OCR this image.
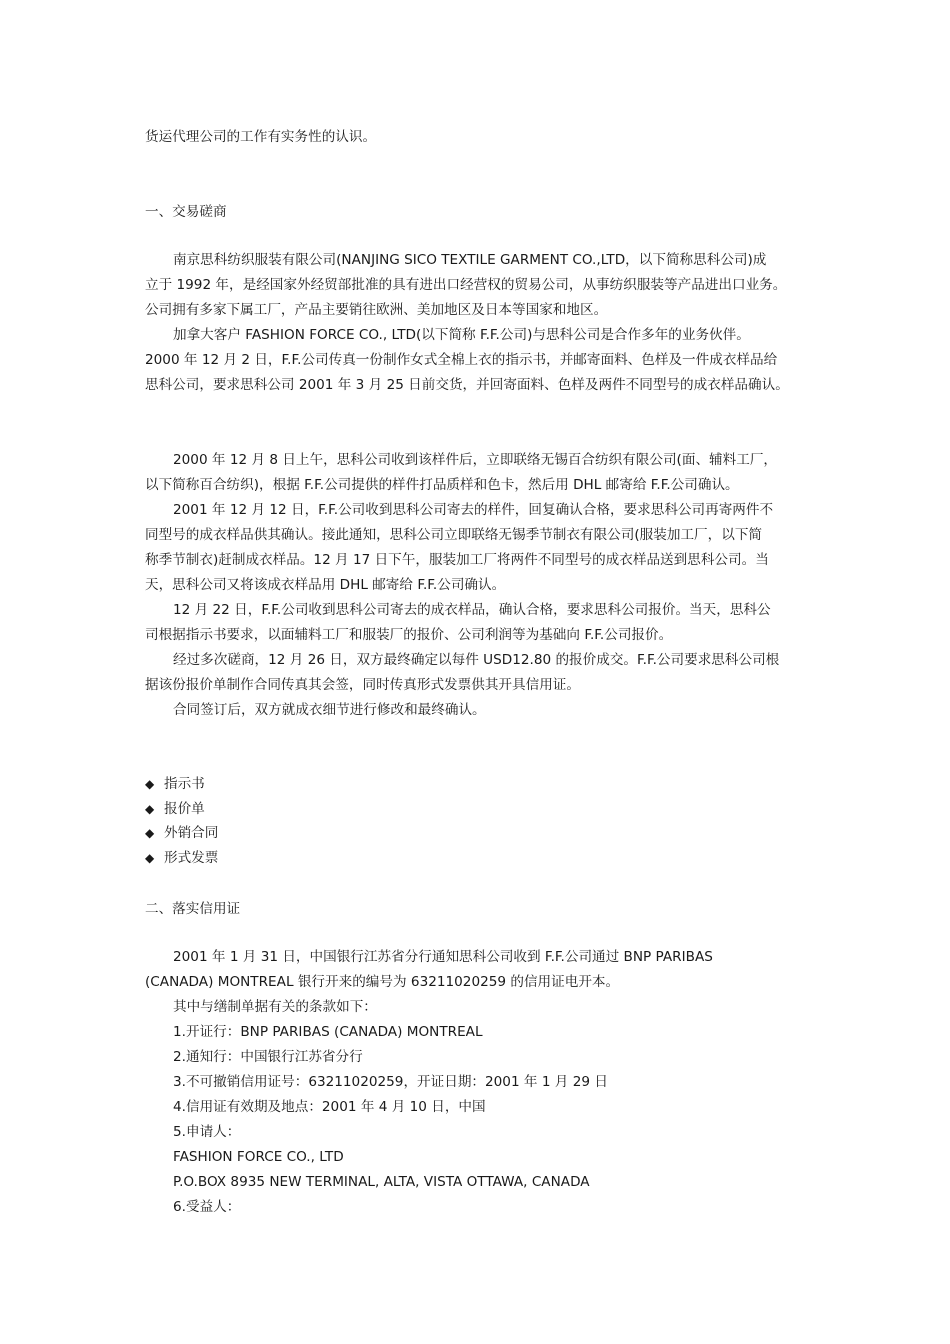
货运代理公司的工作有实务性的认识。
一、交易磋商
南京思科纺织服装有限公司(NANJING SICO TEXTILE GARMENT CO.,LTD，以下简称思科公司)成
立于 1992 年，是经国家外经贸部批准的具有进出口经营权的贸易公司，从事纺织服装等产品进出口业务。
公司拥有多家下属工厂，产品主要销往欧洲、美加地区及日本等国家和地区。
加拿大客户 FASHION FORCE CO., LTD(以下简称 F.F.公司)与思科公司是合作多年的业务伙伴。
2000 年 12 月 2 日，F.F.公司传真一份制作女式全棉上衣的指示书，并邮寄面料、色样及一件成衣样品给
思科公司，要求思科公司 2001 年 3 月 25 日前交货，并回寄面料、色样及两件不同型号的成衣样品确认。
2000 年 12 月 8 日上午，思科公司收到该样件后，立即联络无锡百合纺织有限公司(面、辅料工厂，
以下简称百合纺织)，根据 F.F.公司提供的样件打品质样和色卡，然后用 DHL 邮寄给 F.F.公司确认。
2001 年 12 月 12 日，F.F.公司收到思科公司寄去的样件，回复确认合格，要求思科公司再寄两件不
同型号的成衣样品供其确认。接此通知，思科公司立即联络无锡季节制衣有限公司(服装加工厂，以下简
称季节制衣)赶制成衣样品。12 月 17 日下午，服装加工厂将两件不同型号的成衣样品送到思科公司。当
天，思科公司又将该成衣样品用 DHL 邮寄给 F.F.公司确认。
12 月 22 日，F.F.公司收到思科公司寄去的成衣样品，确认合格，要求思科公司报价。当天，思科公
司根据指示书要求，以面辅料工厂和服装厂的报价、公司利润等为基础向 F.F.公司报价。
经过多次磋商，12 月 26 日，双方最终确定以每件 USD12.80 的报价成交。F.F.公司要求思科公司根
据该份报价单制作合同传真其会签，同时传真形式发票供其开具信用证。
合同签订后，双方就成衣细节进行修改和最终确认。
◆ 指示书
◆ 报价单
◆ 外销合同
◆ 形式发票
二、落实信用证
2001 年 1 月 31 日，中国银行江苏省分行通知思科公司收到 F.F.公司通过 BNP PARIBAS
(CANADA) MONTREAL 银行开来的编号为 63211020259 的信用证电开本。
其中与缮制单据有关的条款如下：
1.开证行：BNP PARIBAS (CANADA) MONTREAL
2.通知行：中国银行江苏省分行
3.不可撤销信用证号：63211020259，开证日期：2001 年 1 月 29 日
4.信用证有效期及地点：2001 年 4 月 10 日，中国
5.申请人：
FASHION FORCE CO., LTD
P.O.BOX 8935 NEW TERMINAL, ALTA, VISTA OTTAWA, CANADA
6.受益人：
